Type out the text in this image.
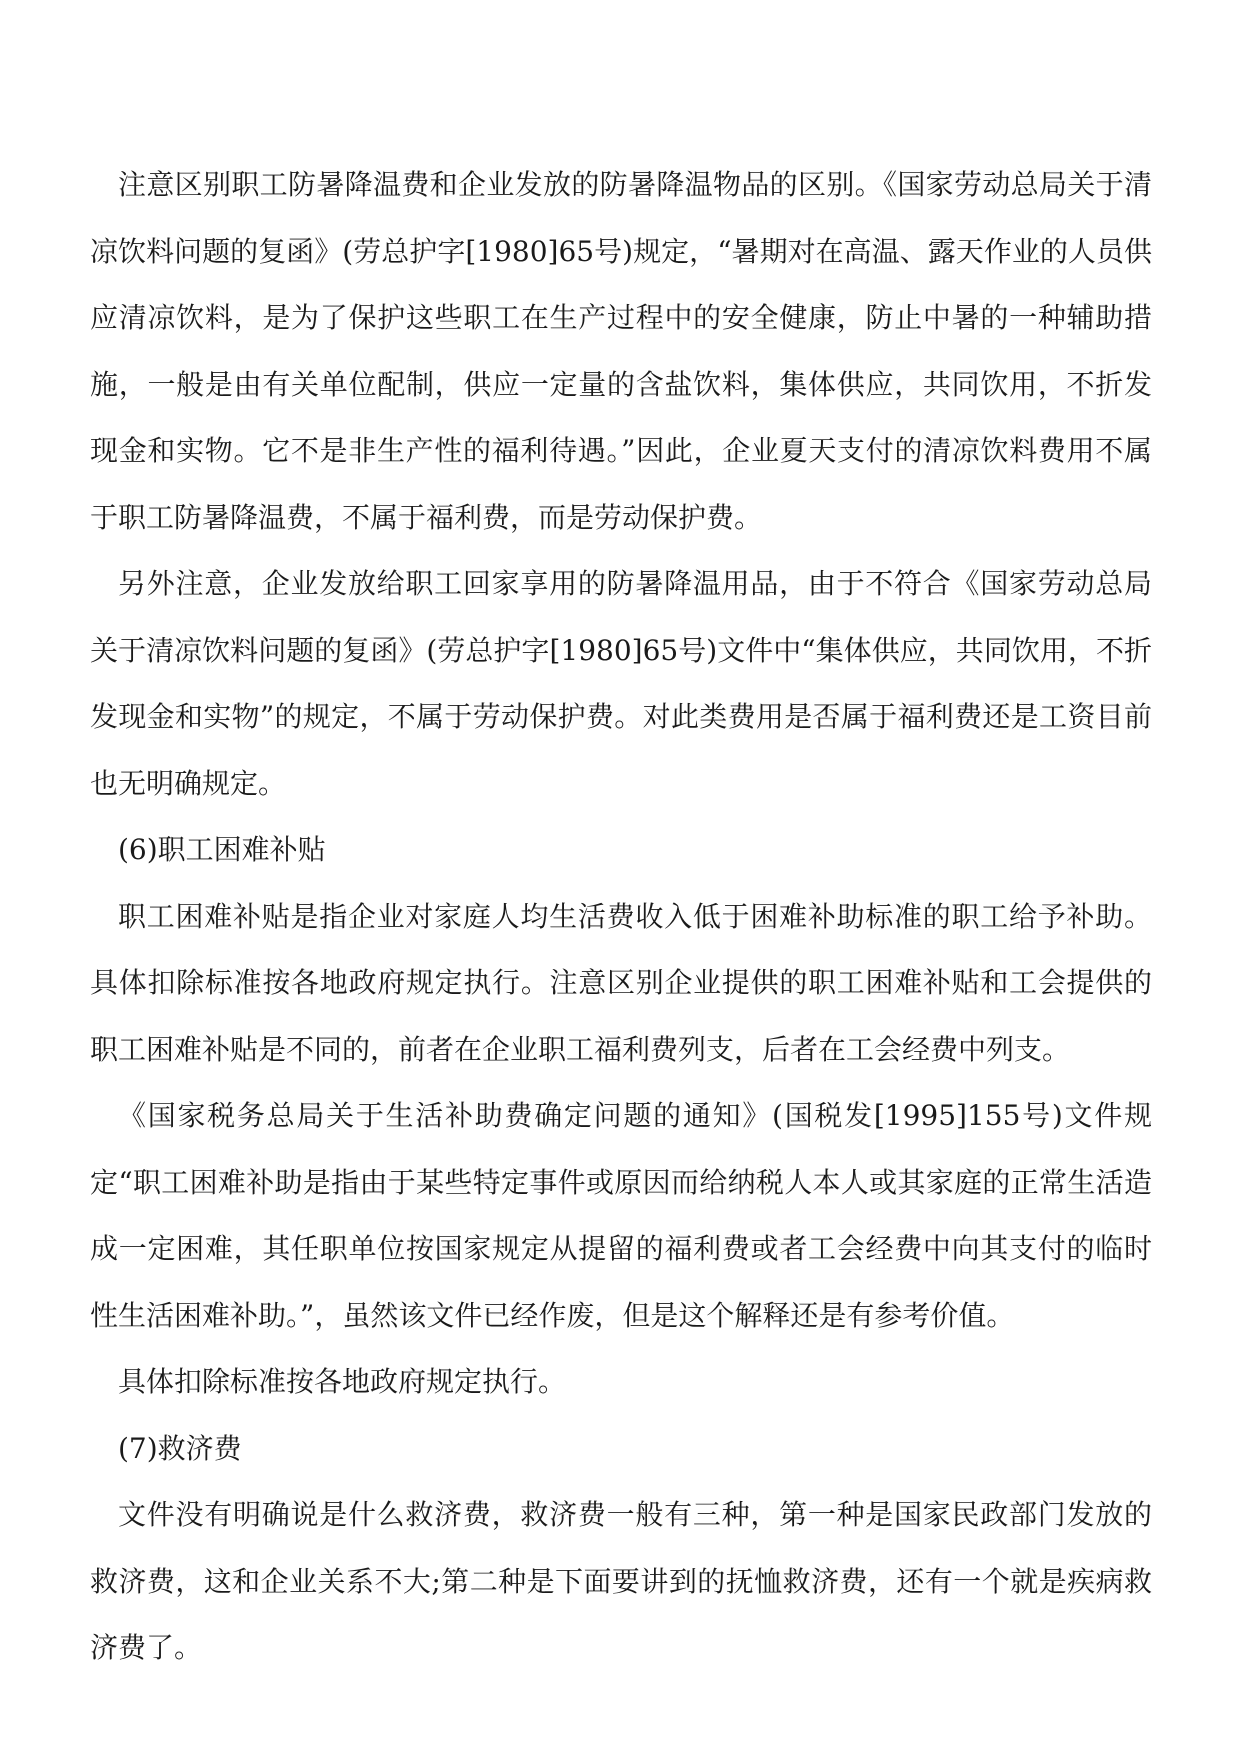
注意区别职工防暑降温费和企业发放的防暑降温物品的区别。《国家劳动总局关于清凉饮料问题的复函》(劳总护字[1980]65号)规定，“暑期对在高温、露天作业的人员供应清凉饮料，是为了保护这些职工在生产过程中的安全健康，防止中暑的一种辅助措施，一般是由有关单位配制，供应一定量的含盐饮料，集体供应，共同饮用，不折发现金和实物。它不是非生产性的福利待遇。”因此，企业夏天支付的清凉饮料费用不属于职工防暑降温费，不属于福利费，而是劳动保护费。

另外注意，企业发放给职工回家享用的防暑降温用品，由于不符合《国家劳动总局关于清凉饮料问题的复函》(劳总护字[1980]65号)文件中“集体供应，共同饮用，不折发现金和实物”的规定，不属于劳动保护费。对此类费用是否属于福利费还是工资目前也无明确规定。

(6)职工困难补贴

职工困难补贴是指企业对家庭人均生活费收入低于困难补助标准的职工给予补助。具体扣除标准按各地政府规定执行。注意区别企业提供的职工困难补贴和工会提供的职工困难补贴是不同的，前者在企业职工福利费列支，后者在工会经费中列支。

《国家税务总局关于生活补助费确定问题的通知》(国税发[1995]155号)文件规定“职工困难补助是指由于某些特定事件或原因而给纳税人本人或其家庭的正常生活造成一定困难，其任职单位按国家规定从提留的福利费或者工会经费中向其支付的临时性生活困难补助。”，虽然该文件已经作废，但是这个解释还是有参考价值。

具体扣除标准按各地政府规定执行。

(7)救济费

文件没有明确说是什么救济费，救济费一般有三种，第一种是国家民政部门发放的救济费，这和企业关系不大;第二种是下面要讲到的抚恤救济费，还有一个就是疾病救济费了。
